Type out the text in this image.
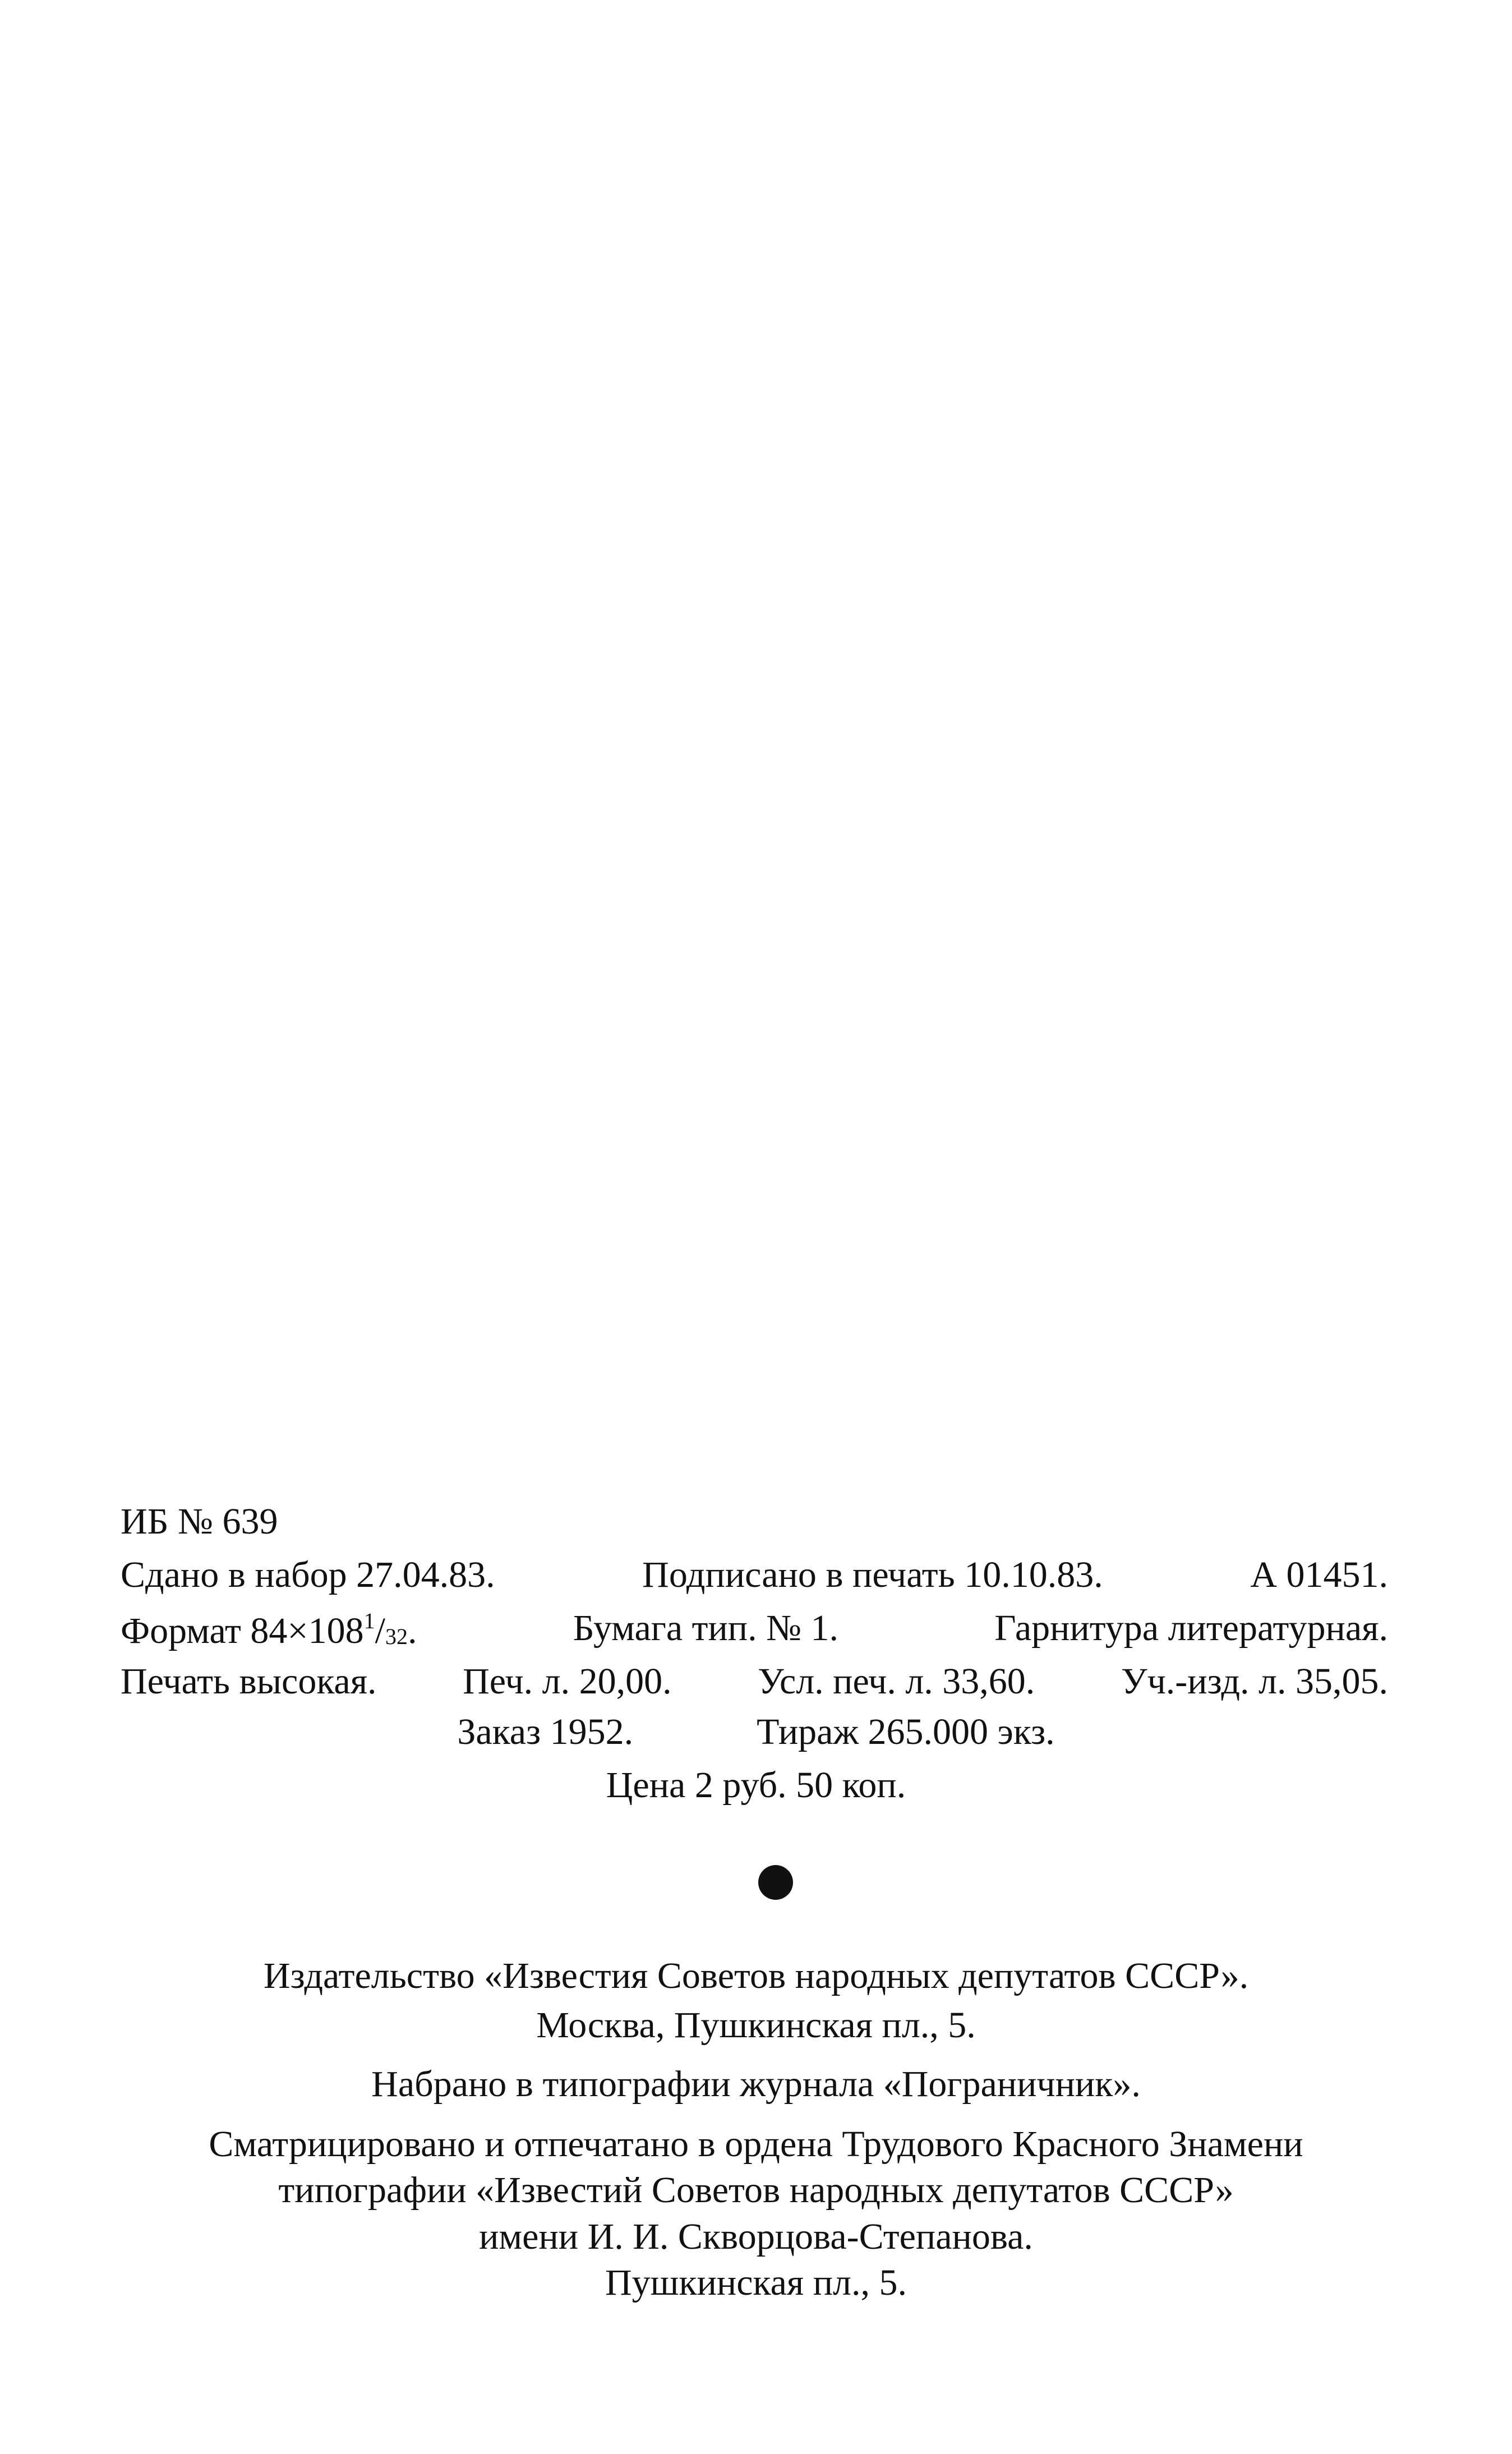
ИБ № 639
Сдано в набор 27.04.83.	Подписано в печать 10.10.83.	А 01451.
Формат $84\times 108^1/_{32}$.	Бумага тип. № 1.	Гарнитура литературная.
Печать высокая. Печ. л. 20,00. Усл. печ. л. 33,60. Уч.-изд. л. 35,05.
Заказ 1952.	Тираж 265.000 экз.
Цена 2 руб. 50 коп.
Издательство «Известия Советов народных депутатов СССР».
Москва, Пушкинская пл., 5.
Набрано в типографии журнала «Пограничник».
Сматрицировано и отпечатано в ордена Трудового Красного Знамени
типографии «Известий Советов народных депутатов СССР»
имени И. И. Скворцова-Степанова.
Пушкинская пл., 5.
